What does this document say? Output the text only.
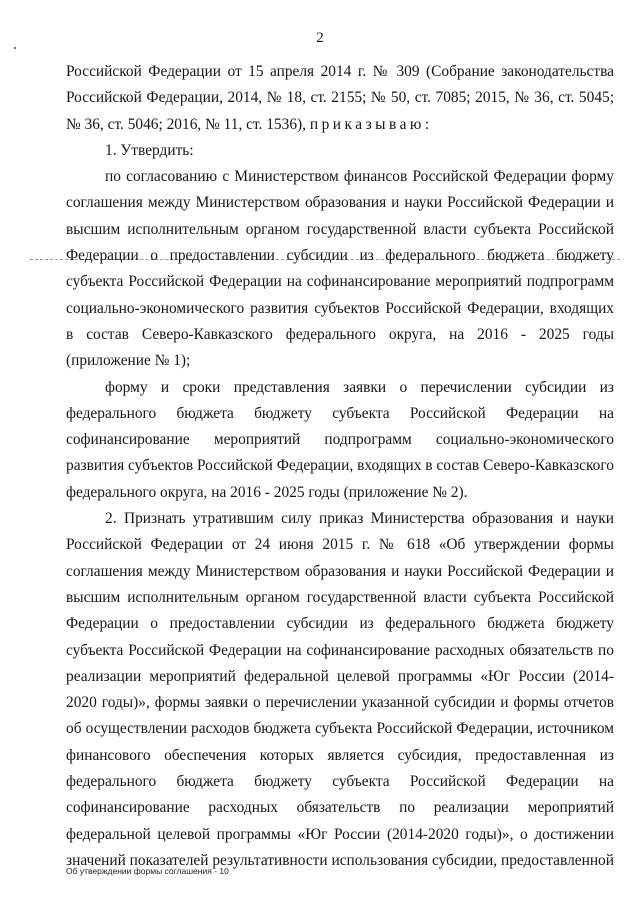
2

Российской Федерации от 15 апреля 2014 г. № 309 (Собрание законодательства Российской Федерации, 2014, № 18, ст. 2155; № 50, ст. 7085; 2015, № 36, ст. 5045; № 36, ст. 5046; 2016, № 11, ст. 1536), приказываю:

1. Утвердить:

по согласованию с Министерством финансов Российской Федерации форму соглашения между Министерством образования и науки Российской Федерации и высшим исполнительным органом государственной власти субъекта Российской Федерации о предоставлении субсидии из федерального бюджета бюджету субъекта Российской Федерации на софинансирование мероприятий подпрограмм социально-экономического развития субъектов Российской Федерации, входящих в состав Северо-Кавказского федерального округа, на 2016 - 2025 годы (приложение № 1);

форму и сроки представления заявки о перечислении субсидии из федерального бюджета бюджету субъекта Российской Федерации на софинансирование мероприятий подпрограмм социально-экономического развития субъектов Российской Федерации, входящих в состав Северо-Кавказского федерального округа, на 2016 - 2025 годы (приложение № 2).

2. Признать утратившим силу приказ Министерства образования и науки Российской Федерации от 24 июня 2015 г. № 618 «Об утверждении формы соглашения между Министерством образования и науки Российской Федерации и высшим исполнительным органом государственной власти субъекта Российской Федерации о предоставлении субсидии из федерального бюджета бюджету субъекта Российской Федерации на софинансирование расходных обязательств по реализации мероприятий федеральной целевой программы «Юг России (2014-2020 годы)», формы заявки о перечислении указанной субсидии и формы отчетов об осуществлении расходов бюджета субъекта Российской Федерации, источником финансового обеспечения которых является субсидия, предоставленная из федерального бюджета бюджету субъекта Российской Федерации на софинансирование расходных обязательств по реализации мероприятий федеральной целевой программы «Юг России (2014-2020 годы)», о достижении значений показателей результативности использования субсидии, предоставленной

Об утверждении формы соглашения - 10
